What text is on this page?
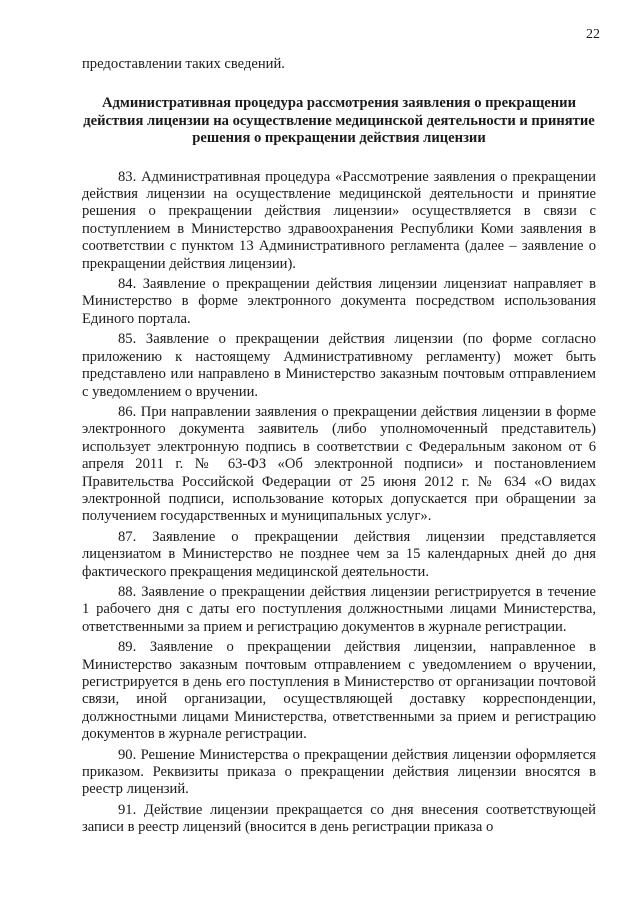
22

предоставлении таких сведений.

Административная процедура рассмотрения заявления о прекращении действия лицензии на осуществление медицинской деятельности и принятие решения о прекращении действия лицензии

83. Административная процедура «Рассмотрение заявления о прекращении действия лицензии на осуществление медицинской деятельности и принятие решения о прекращении действия лицензии» осуществляется в связи с поступлением в Министерство здравоохранения Республики Коми заявления в соответствии с пунктом 13 Административного регламента (далее – заявление о прекращении действия лицензии).

84. Заявление о прекращении действия лицензии лицензиат направляет в Министерство в форме электронного документа посредством использования Единого портала.

85. Заявление о прекращении действия лицензии (по форме согласно приложению к настоящему Административному регламенту) может быть представлено или направлено в Министерство заказным почтовым отправлением с уведомлением о вручении.

86. При направлении заявления о прекращении действия лицензии в форме электронного документа заявитель (либо уполномоченный представитель) использует электронную подпись в соответствии с Федеральным законом от 6 апреля 2011 г. № 63-ФЗ «Об электронной подписи» и постановлением Правительства Российской Федерации от 25 июня 2012 г. № 634 «О видах электронной подписи, использование которых допускается при обращении за получением государственных и муниципальных услуг».

87. Заявление о прекращении действия лицензии представляется лицензиатом в Министерство не позднее чем за 15 календарных дней до дня фактического прекращения медицинской деятельности.

88. Заявление о прекращении действия лицензии регистрируется в течение 1 рабочего дня с даты его поступления должностными лицами Министерства, ответственными за прием и регистрацию документов в журнале регистрации.

89. Заявление о прекращении действия лицензии, направленное в Министерство заказным почтовым отправлением с уведомлением о вручении, регистрируется в день его поступления в Министерство от организации почтовой связи, иной организации, осуществляющей доставку корреспонденции, должностными лицами Министерства, ответственными за прием и регистрацию документов в журнале регистрации.

90. Решение Министерства о прекращении действия лицензии оформляется приказом. Реквизиты приказа о прекращении действия лицензии вносятся в реестр лицензий.

91. Действие лицензии прекращается со дня внесения соответствующей записи в реестр лицензий (вносится в день регистрации приказа о
